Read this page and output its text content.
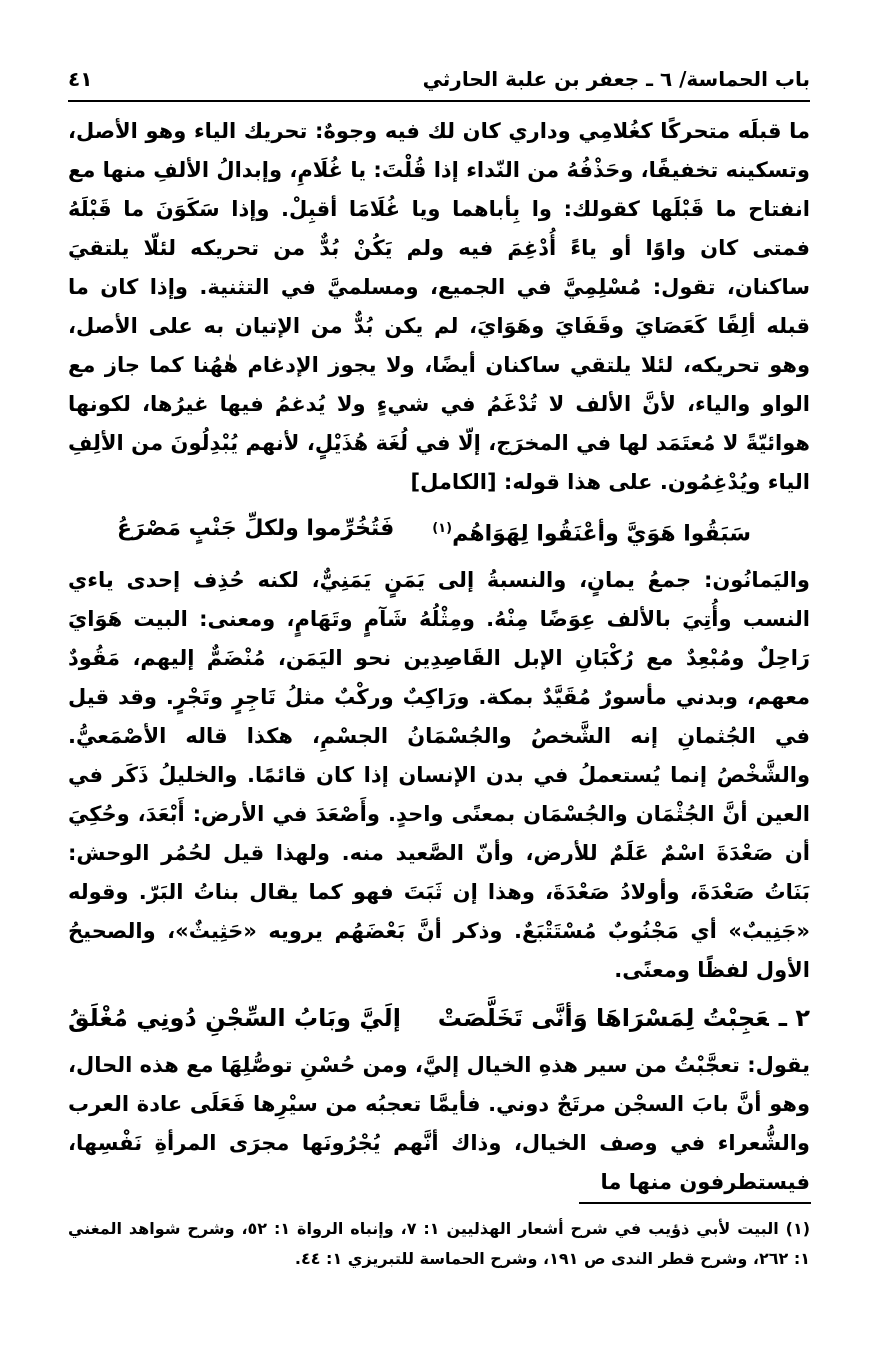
باب الحماسة/ ٦ ـ جعفر بن علبة الحارثي
٤١

ما قبلَه متحركًا كغُلامِي وداري كان لك فيه وجوهٌ: تحريك الياء وهو الأصل، وتسكينه تخفيفًا، وحَذْفُهُ من النّداء إذا قُلْتَ: يا غُلَامِ، وإبدالُ الألفِ منها مع انفتاح ما قَبْلَها كقولك: وا بِأباهما ويا غُلَامَا أقبِلْ. وإذا سَكَوَنَ ما قَبْلَهُ فمتى كان واوًا أو ياءً أُدْغِمَ فيه ولم يَكُنْ بُدٌّ من تحريكه لئلّا يلتقيَ ساكنان، تقول: مُسْلِمِيَّ في الجميع، ومسلميَّ في التثنية. وإذا كان ما قبله ألِفًا كَعَصَايَ وقَفَايَ وهَوَايَ، لم يكن بُدٌّ من الإتيان به على الأصل، وهو تحريكه، لئلا يلتقي ساكنان أيضًا، ولا يجوز الإدغام هٰهُنا كما جاز مع الواو والياء، لأنَّ الألف لا تُدْغَمُ في شيءٍ ولا يُدغمُ فيها غيرُها، لكونها هوائيّةً لا مُعتَمَد لها في المخرَج، إلّا في لُغَة هُذَيْلٍ، لأنهم يُبْدِلُونَ من الألِفِ الياء ويُدْغِمُون. على هذا قوله: [الكامل]

سَبَقُوا هَوَيَّ وأعْنَقُوا لِهَوَاهُم$^{(١)}$
فَتُخُرِّموا ولكلِّ جَنْبٍ مَصْرَعُ

واليَمانُون: جمعُ يمانٍ، والنسبةُ إلى يَمَنٍ يَمَنِيٌّ، لكنه حُذِف إحدى ياءي النسب وأُتِيَ بالألف عِوَضًا مِنْهُ. ومِثْلُهُ شَآمٍ وتَهَامٍ، ومعنى: البيت هَوَايَ رَاحِلٌ ومُبْعِدٌ مع رُكْبَانِ الإبل القَاصِدِين نحو اليَمَن، مُنْضَمٌّ إليهم، مَقُودٌ معهم، وبدني مأسورٌ مُقَيَّدٌ بمكة. ورَاكِبٌ وركْبٌ مثلُ تَاجِرٍ وتَجْرٍ. وقد قيل في الجُثمانِ إنه الشَّخصُ والجُسْمَانُ الجسْمِ، هكذا قاله الأصْمَعيُّ. والشَّخْصُ إنما يُستعملُ في بدن الإنسان إذا كان قائمًا. والخليلُ ذَكَر في العين أنَّ الجُثْمَان والجُسْمَان بمعنًى واحدٍ. وأَصْعَدَ في الأرض: أَبْعَدَ، وحُكِيَ أن صَعْدَةَ اسْمٌ عَلَمٌ للأرض، وأنّ الصَّعيد منه. ولهذا قيل لحُمُر الوحش: بَنَاتُ صَعْدَةَ، وأولادُ صَعْدَةَ، وهذا إن ثَبَتَ فهو كما يقال بناتُ البَرّ. وقوله «جَنِيبٌ» أي مَجْنُوبٌ مُسْتَتْبَعٌ. وذكر أنَّ بَعْضَهُم يرويه «حَثِيثٌ»، والصحيحُ الأول لفظًا ومعنًى.

٢ ـعَجِبْتُ لِمَسْرَاهَا وَأنَّى تَخَلَّصَتْ
إلَيَّ وبَابُ السِّجْنِ دُونِي مُغْلَقُ

يقول: تعجَّبْتُ من سير هذهِ الخيال إليَّ، ومن حُسْنِ توصُّلِهَا مع هذه الحال، وهو أنَّ بابَ السجْن مرتَجٌ دوني. فأيمَّا تعجبُه من سيْرِها فَعَلَى عادة العرب والشُّعراء في وصف الخيال، وذاك أنَّهم يُجْرُونَها مجرَى المرأةِ نَفْسِها، فيستطرفون منها ما

(١) البيت لأبي ذؤيب في شرح أشعار الهذليين ١: ٧، وإنباه الرواة ١: ٥٢، وشرح شواهد المغني ١: ٢٦٢، وشرح قطر الندى ص ١٩١، وشرح الحماسة للتبريزي ١: ٤٤.
